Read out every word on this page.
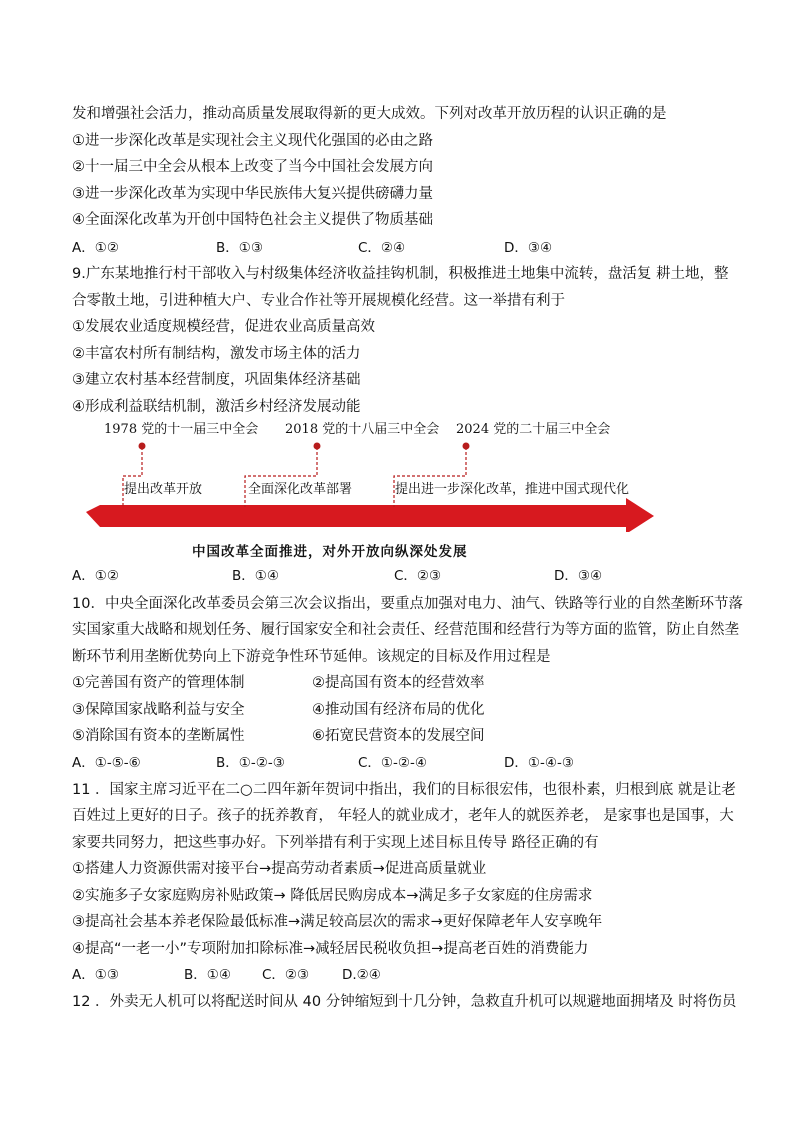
发和增强社会活力，推动高质量发展取得新的更大成效。下列对改革开放历程的认识正确的是
①进一步深化改革是实现社会主义现代化强国的必由之路
②十一届三中全会从根本上改变了当今中国社会发展方向
③进一步深化改革为实现中华民族伟大复兴提供磅礴力量
④全面深化改革为开创中国特色社会主义提供了物质基础
A．①②	B．①③	C．②④	D．③④
9.广东某地推行村干部收入与村级集体经济收益挂钩机制，积极推进土地集中流转，盘活复 耕土地，整
合零散土地，引进种植大户、专业合作社等开展规模化经营。这一举措有利于
①发展农业适度规模经营，促进农业高质量高效
②丰富农村所有制结构，激发市场主体的活力
③建立农村基本经营制度，巩固集体经济基础
④形成利益联结机制，激活乡村经济发展动能
1978 党的十一届三中全会 2018 党的十八届三中全会 2024 党的二十届三中全会
提出改革开放	全面深化改革部署	提出进一步深化改革，推进中国式现代化
中国改革全面推进，对外开放向纵深处发展
A．①②	B．①④	C．②③	D．③④
10．中央全面深化改革委员会第三次会议指出，要重点加强对电力、油气、铁路等行业的自然垄断环节落
实国家重大战略和规划任务、履行国家安全和社会责任、经营范围和经营行为等方面的监管，防止自然垄
断环节利用垄断优势向上下游竞争性环节延伸。该规定的目标及作用过程是
①完善国有资产的管理体制	②提高国有资本的经营效率
③保障国家战略利益与安全	④推动国有经济布局的优化
⑤消除国有资本的垄断属性	⑥拓宽民营资本的发展空间
A．①-⑤-⑥	B．①-②-③	C．①-②-④	D．①-④-③
11 ．国家主席习近平在二○二四年新年贺词中指出，我们的目标很宏伟，也很朴素，归根到底 就是让老
百姓过上更好的日子。孩子的抚养教育， 年轻人的就业成才，老年人的就医养老， 是家事也是国事，大
家要共同努力，把这些事办好。下列举措有利于实现上述目标且传导 路径正确的有
①搭建人力资源供需对接平台→提高劳动者素质→促进高质量就业
②实施多子女家庭购房补贴政策→ 降低居民购房成本→满足多子女家庭的住房需求
③提高社会基本养老保险最低标准→满足较高层次的需求→更好保障老年人安享晚年
④提高“一老一小”专项附加扣除标准→减轻居民税收负担→提高老百姓的消费能力
A．①③	B．①④ C．②③ D.②④
12 ．外卖无人机可以将配送时间从 40 分钟缩短到十几分钟，急救直升机可以规避地面拥堵及 时将伤员
